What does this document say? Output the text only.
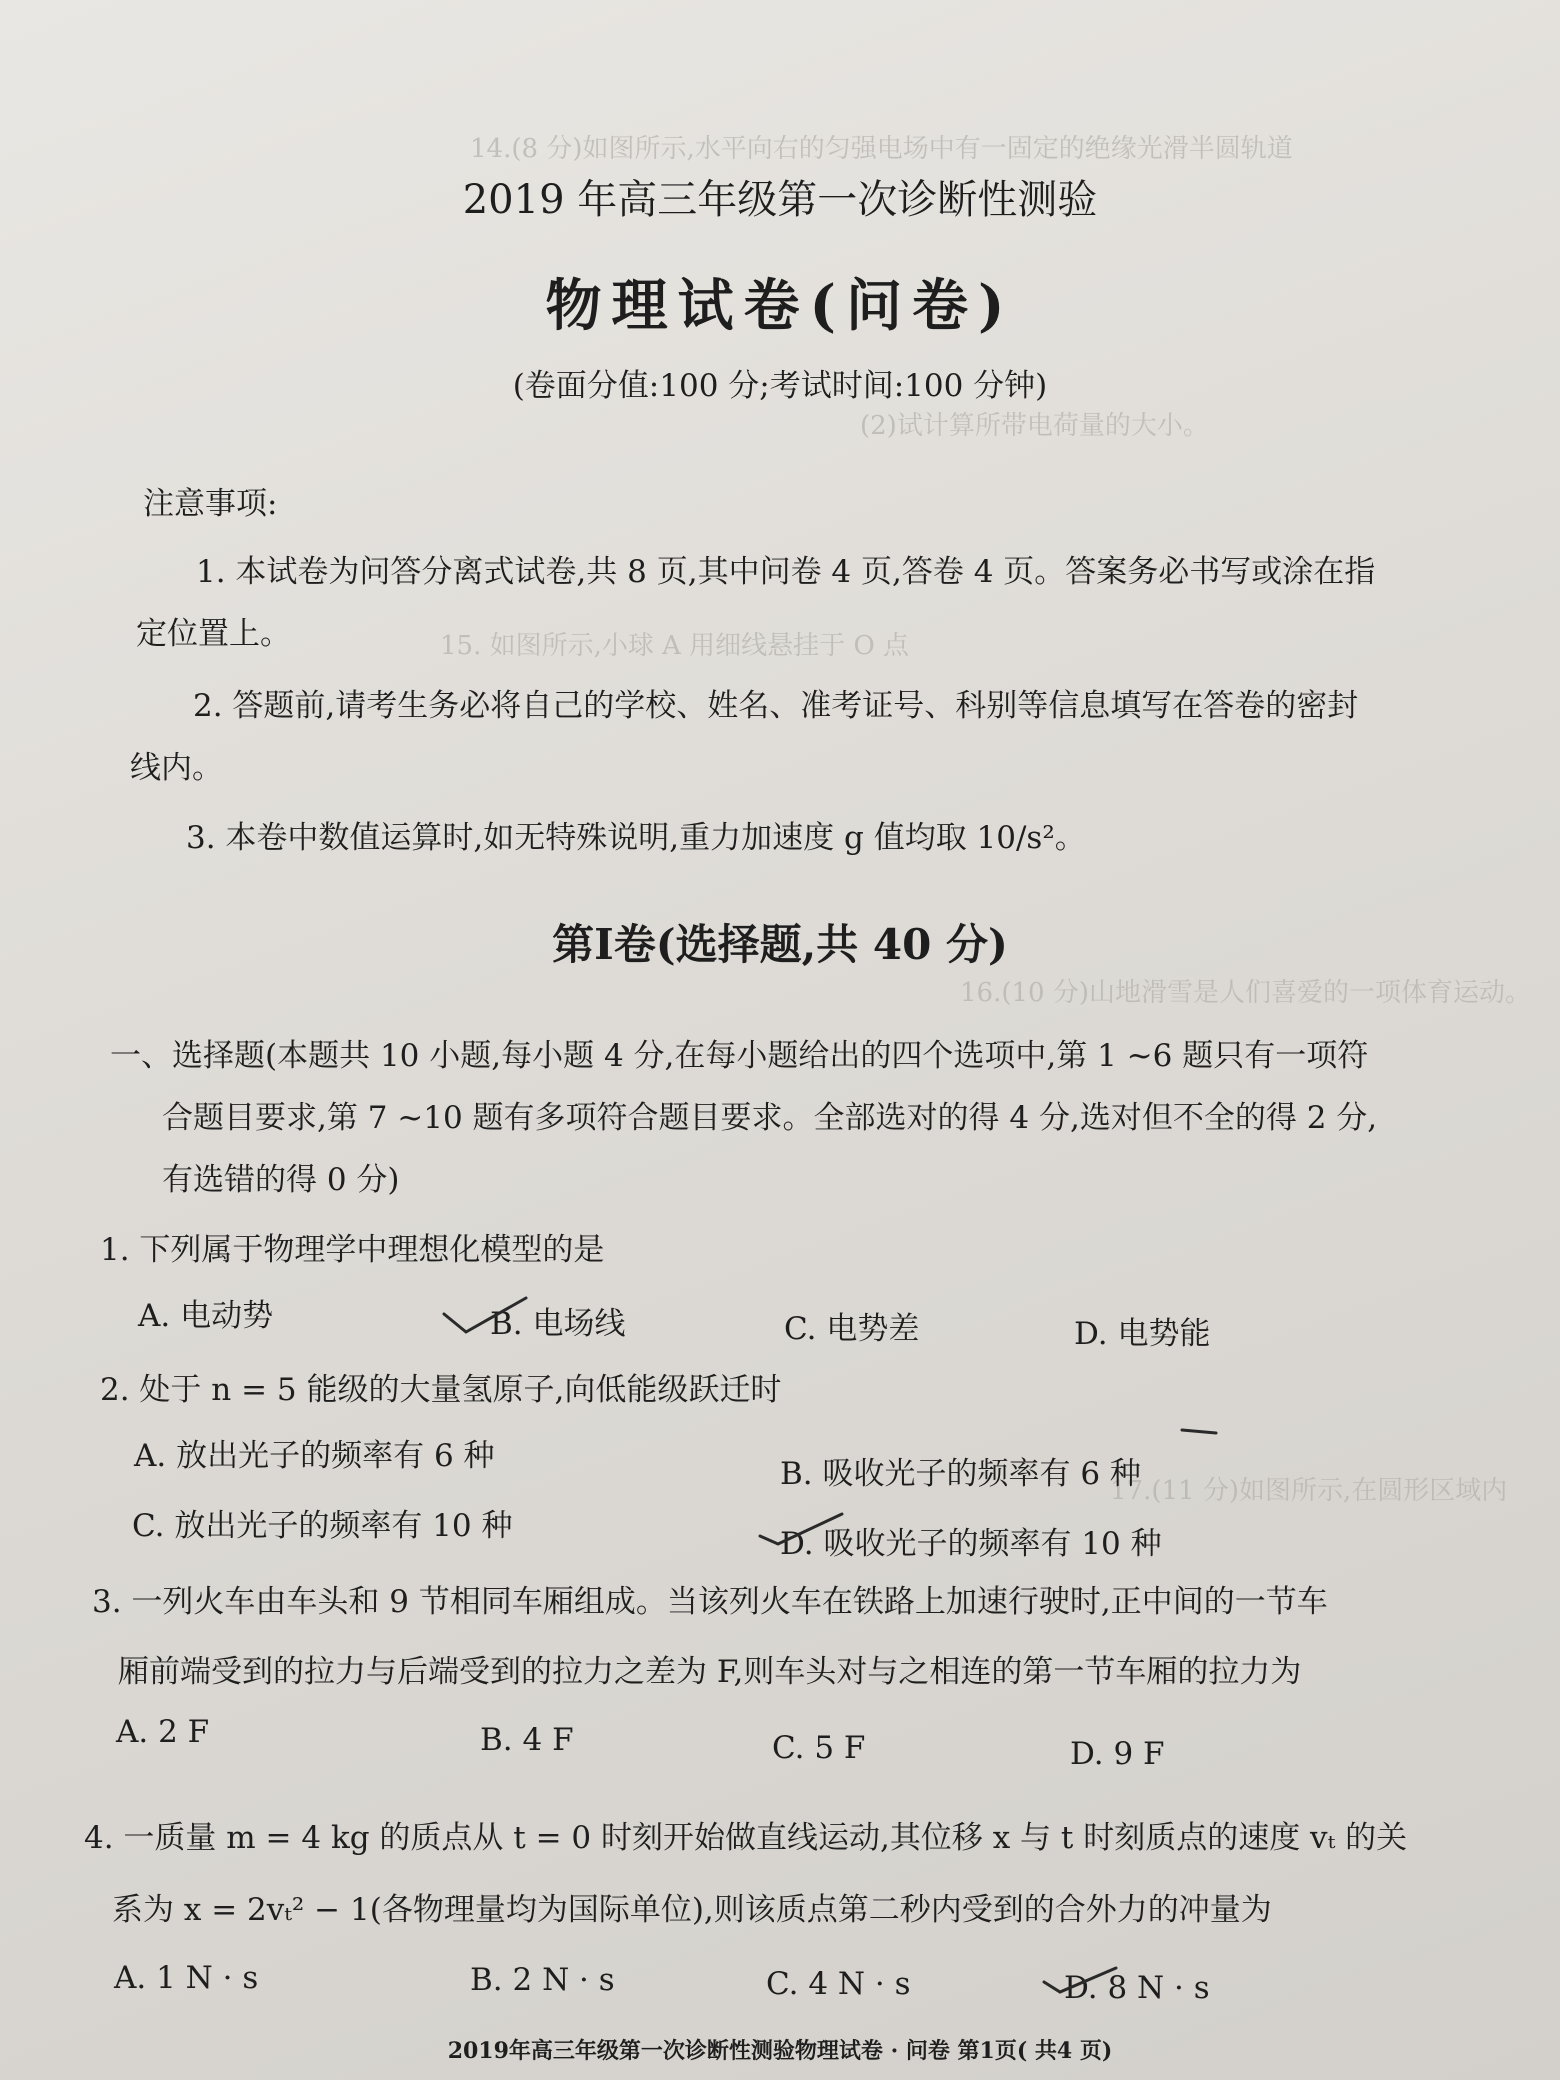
14.(8 分)如图所示,水平向右的匀强电场中有一固定的绝缘光滑半圆轨道
(2)试计算所带电荷量的大小。
15. 如图所示,小球 A 用细线悬挂于 O 点
16.(10 分)山地滑雪是人们喜爱的一项体育运动。
17.(11 分)如图所示,在圆形区域内
2019 年高三年级第一次诊断性测验
物理试卷(问卷)
(卷面分值:100 分;考试时间:100 分钟)
注意事项:
1. 本试卷为问答分离式试卷,共 8 页,其中问卷 4 页,答卷 4 页。答案务必书写或涂在指
定位置上。
2. 答题前,请考生务必将自己的学校、姓名、准考证号、科别等信息填写在答卷的密封
线内。
3. 本卷中数值运算时,如无特殊说明,重力加速度 g 值均取 10/s²。
第Ⅰ卷(选择题,共 40 分)
一、选择题(本题共 10 小题,每小题 4 分,在每小题给出的四个选项中,第 1 ~6 题只有一项符
合题目要求,第 7 ~10 题有多项符合题目要求。全部选对的得 4 分,选对但不全的得 2 分,
有选错的得 0 分)
1. 下列属于物理学中理想化模型的是
A. 电动势	B. 电场线	C. 电势差	D. 电势能
2. 处于 n = 5 能级的大量氢原子,向低能级跃迁时
A. 放出光子的频率有 6 种	B. 吸收光子的频率有 6 种
C. 放出光子的频率有 10 种	D. 吸收光子的频率有 10 种
3. 一列火车由车头和 9 节相同车厢组成。当该列火车在铁路上加速行驶时,正中间的一节车
厢前端受到的拉力与后端受到的拉力之差为 F,则车头对与之相连的第一节车厢的拉力为
A. 2 F	B. 4 F	C. 5 F	D. 9 F
4. 一质量 m = 4 kg 的质点从 t = 0 时刻开始做直线运动,其位移 x 与 t 时刻质点的速度 vₜ 的关
系为 x = 2vₜ² − 1(各物理量均为国际单位),则该质点第二秒内受到的合外力的冲量为
A. 1 N · s	B. 2 N · s	C. 4 N · s	D. 8 N · s
2019年高三年级第一次诊断性测验物理试卷 · 问卷 第1页( 共4 页)
